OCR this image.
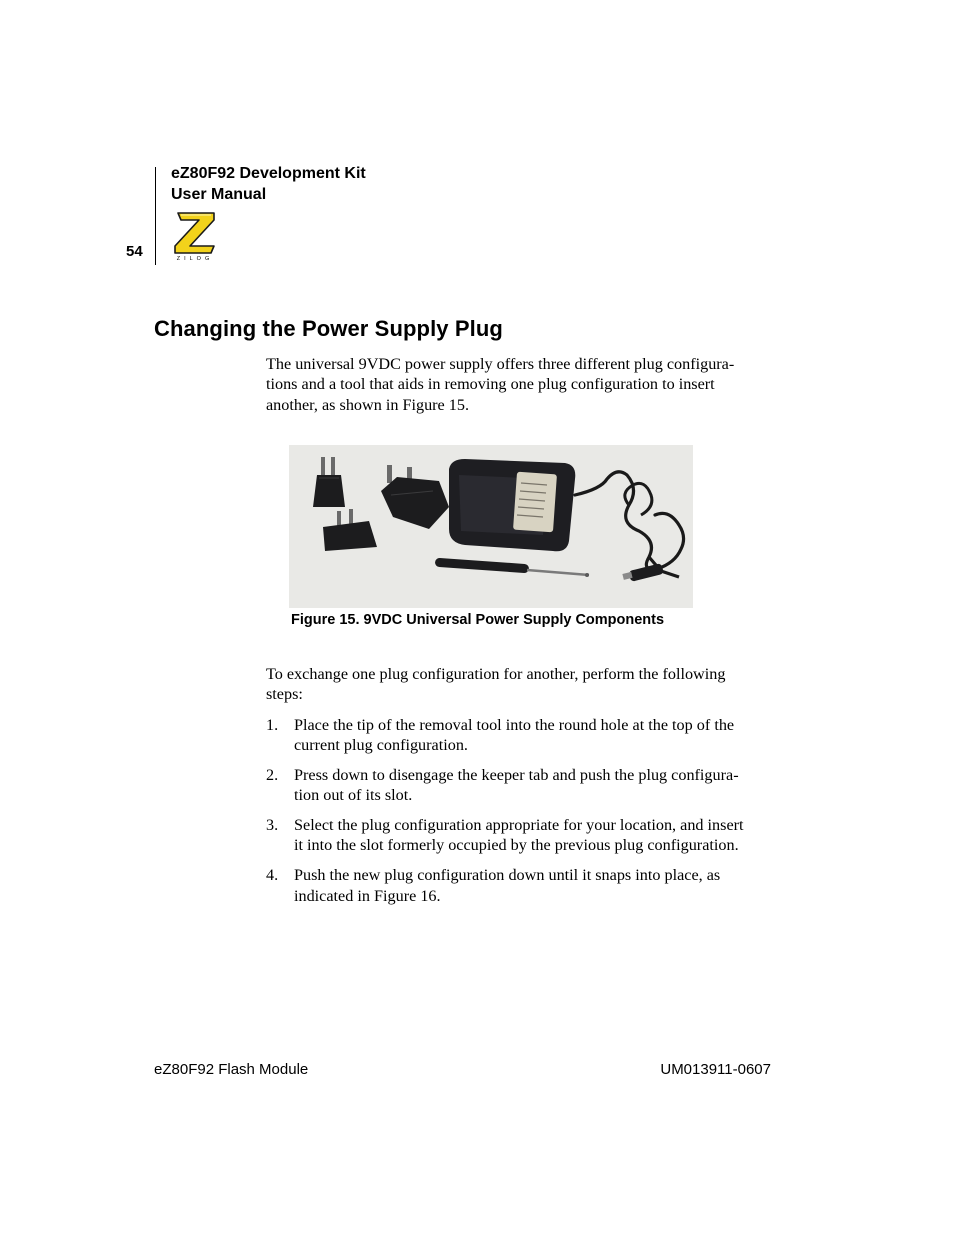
eZ80F92 Development Kit
User Manual
54	ZILOG
Changing the Power Supply Plug
The universal 9VDC power supply offers three different plug configura-
tions and a tool that aids in removing one plug configuration to insert
another, as shown in Figure 15.
Figure 15. 9VDC Universal Power Supply Components
To exchange one plug configuration for another, perform the following
steps:
1. Place the tip of the removal tool into the round hole at the top of the
current plug configuration.
2. Press down to disengage the keeper tab and push the plug configura-
tion out of its slot.
3. Select the plug configuration appropriate for your location, and insert
it into the slot formerly occupied by the previous plug configuration.
4. Push the new plug configuration down until it snaps into place, as
indicated in Figure 16.
eZ80F92 Flash Module	UM013911-0607
